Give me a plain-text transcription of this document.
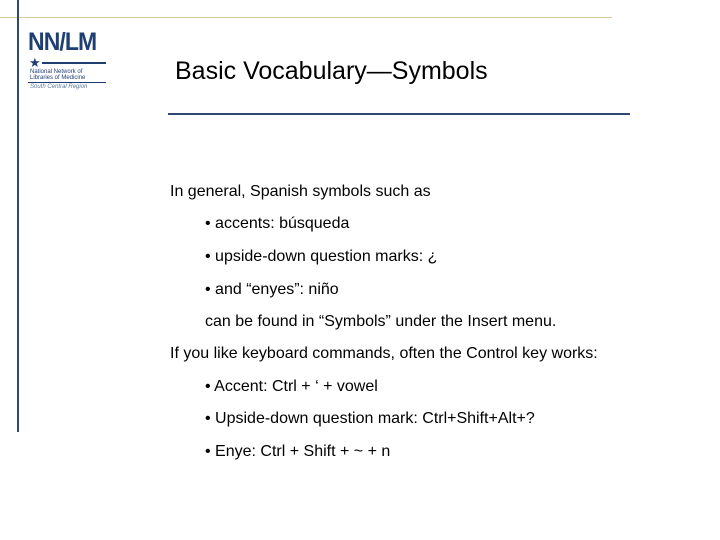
NN/LM
★
National Network of
Libraries of Medicine
South Central Region
Basic Vocabulary—Symbols
In general, Spanish symbols such as
• accents: búsqueda
• upside-down question marks: ¿
• and “enyes”: niño
can be found in “Symbols” under the Insert menu.
If you like keyboard commands, often the Control key works:
• Accent: Ctrl + ‘ + vowel
• Upside-down question mark: Ctrl+Shift+Alt+?
• Enye: Ctrl + Shift + ~ + n
